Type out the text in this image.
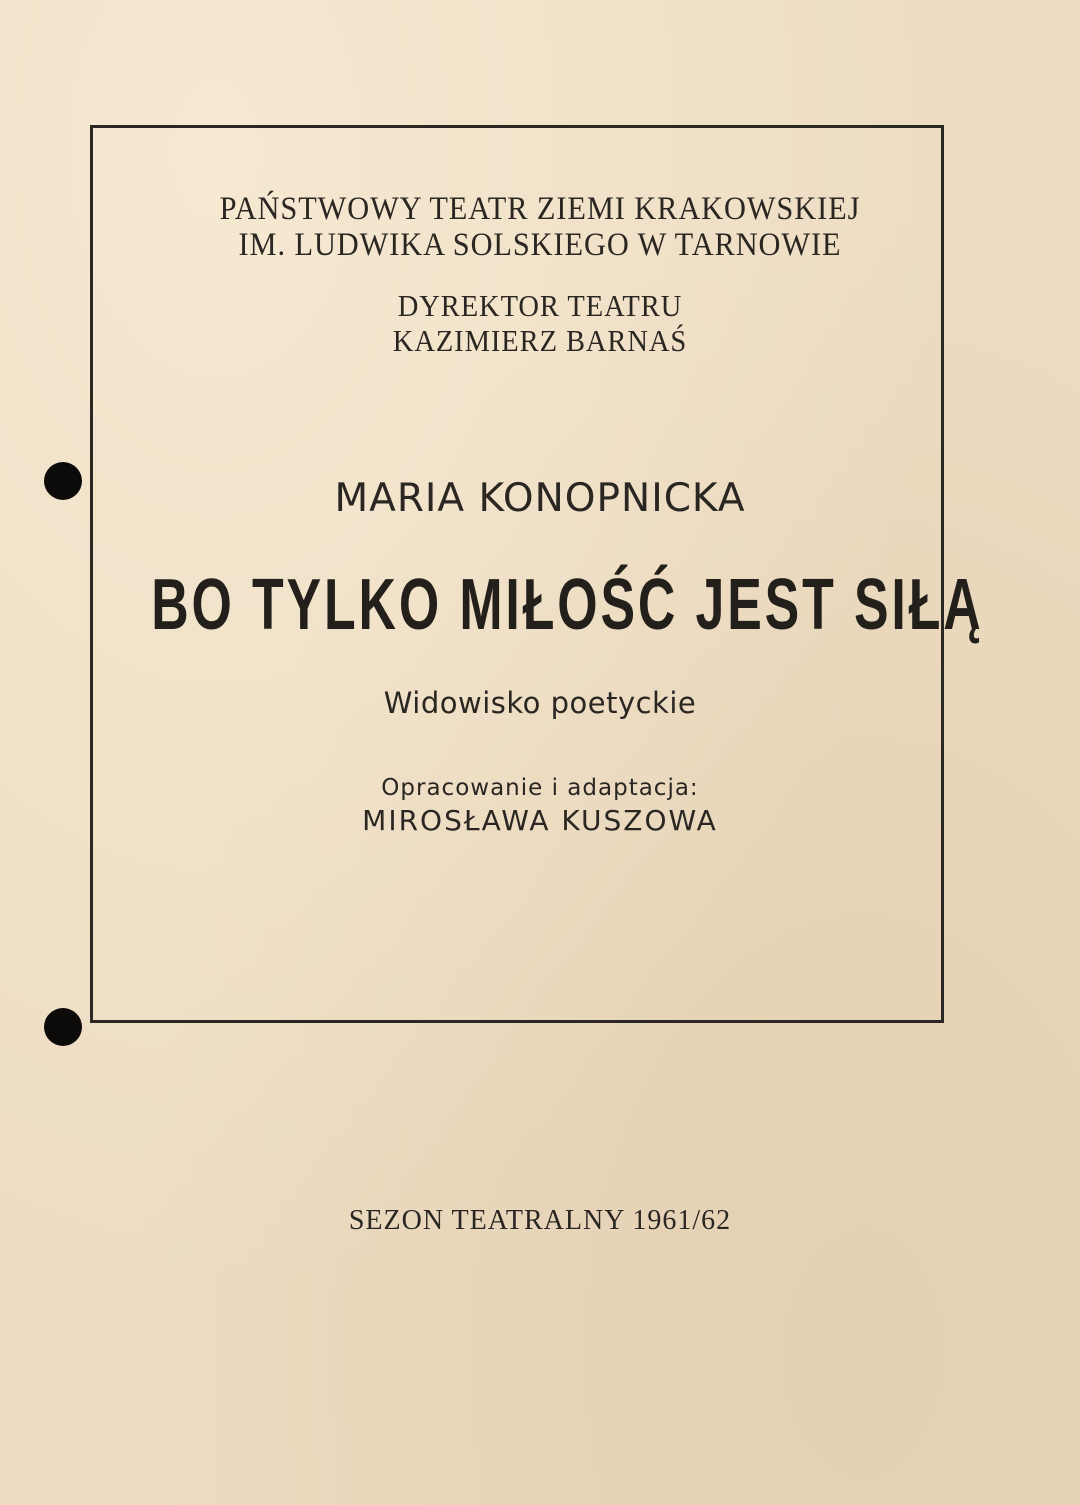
PAŃSTWOWY TEATR ZIEMI KRAKOWSKIEJ
IM. LUDWIKA SOLSKIEGO W TARNOWIE
DYREKTOR TEATRU
KAZIMIERZ BARNAŚ
MARIA KONOPNICKA
BO TYLKO MIŁOŚĆ JEST SIŁĄ
Widowisko poetyckie
Opracowanie i adaptacja:
MIROSŁAWA KUSZOWA
SEZON TEATRALNY 1961/62
